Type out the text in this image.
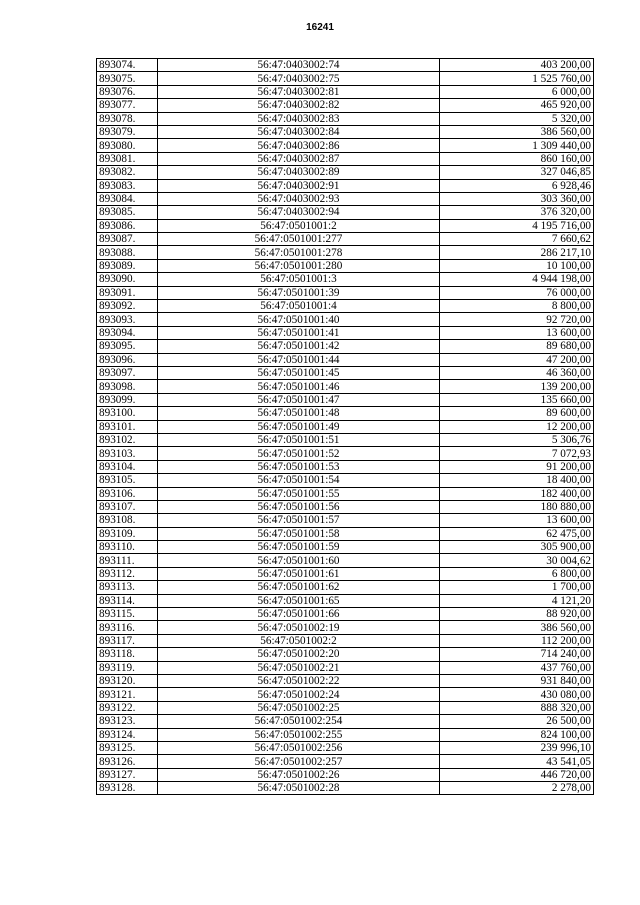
16241
893074.	56:47:0403002:74	403 200,00
893075.	56:47:0403002:75	1 525 760,00
893076.	56:47:0403002:81	6 000,00
893077.	56:47:0403002:82	465 920,00
893078.	56:47:0403002:83	5 320,00
893079.	56:47:0403002:84	386 560,00
893080.	56:47:0403002:86	1 309 440,00
893081.	56:47:0403002:87	860 160,00
893082.	56:47:0403002:89	327 046,85
893083.	56:47:0403002:91	6 928,46
893084.	56:47:0403002:93	303 360,00
893085.	56:47:0403002:94	376 320,00
893086.	56:47:0501001:2	4 195 716,00
893087.	56:47:0501001:277	7 660,62
893088.	56:47:0501001:278	286 217,10
893089.	56:47:0501001:280	10 100,00
893090.	56:47:0501001:3	4 944 198,00
893091.	56:47:0501001:39	76 000,00
893092.	56:47:0501001:4	8 800,00
893093.	56:47:0501001:40	92 720,00
893094.	56:47:0501001:41	13 600,00
893095.	56:47:0501001:42	89 680,00
893096.	56:47:0501001:44	47 200,00
893097.	56:47:0501001:45	46 360,00
893098.	56:47:0501001:46	139 200,00
893099.	56:47:0501001:47	135 660,00
893100.	56:47:0501001:48	89 600,00
893101.	56:47:0501001:49	12 200,00
893102.	56:47:0501001:51	5 306,76
893103.	56:47:0501001:52	7 072,93
893104.	56:47:0501001:53	91 200,00
893105.	56:47:0501001:54	18 400,00
893106.	56:47:0501001:55	182 400,00
893107.	56:47:0501001:56	180 880,00
893108.	56:47:0501001:57	13 600,00
893109.	56:47:0501001:58	62 475,00
893110.	56:47:0501001:59	305 900,00
893111.	56:47:0501001:60	30 004,62
893112.	56:47:0501001:61	6 800,00
893113.	56:47:0501001:62	1 700,00
893114.	56:47:0501001:65	4 121,20
893115.	56:47:0501001:66	88 920,00
893116.	56:47:0501002:19	386 560,00
893117.	56:47:0501002:2	112 200,00
893118.	56:47:0501002:20	714 240,00
893119.	56:47:0501002:21	437 760,00
893120.	56:47:0501002:22	931 840,00
893121.	56:47:0501002:24	430 080,00
893122.	56:47:0501002:25	888 320,00
893123.	56:47:0501002:254	26 500,00
893124.	56:47:0501002:255	824 100,00
893125.	56:47:0501002:256	239 996,10
893126.	56:47:0501002:257	43 541,05
893127.	56:47:0501002:26	446 720,00
893128.	56:47:0501002:28	2 278,00
